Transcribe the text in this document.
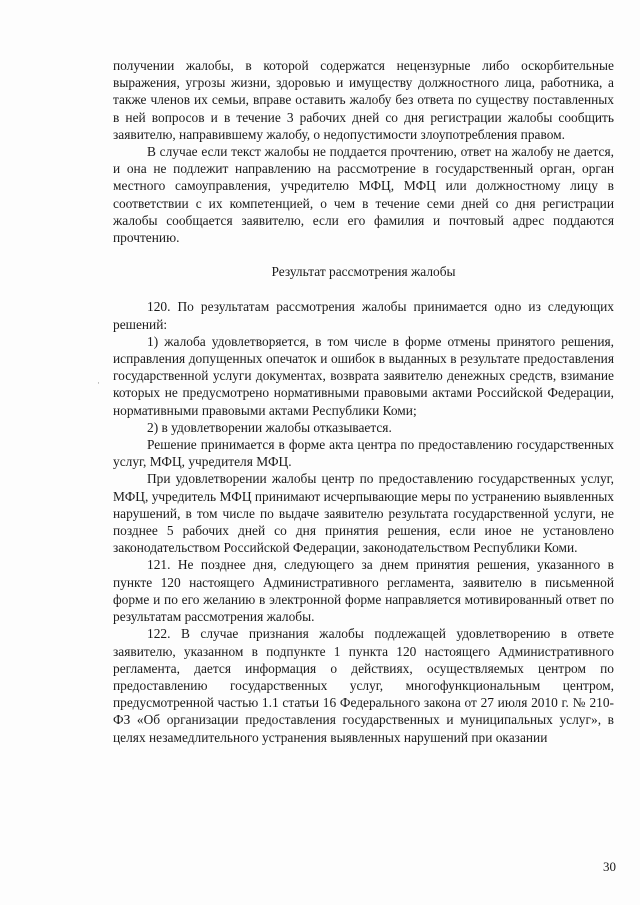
получении жалобы, в которой содержатся нецензурные либо оскорбительные выражения, угрозы жизни, здоровью и имуществу должностного лица, работника, а также членов их семьи, вправе оставить жалобу без ответа по существу поставленных в ней вопросов и в течение 3 рабочих дней со дня регистрации жалобы сообщить заявителю, направившему жалобу, о недопустимости злоупотребления правом.

В случае если текст жалобы не поддается прочтению, ответ на жалобу не дается, и она не подлежит направлению на рассмотрение в государственный орган, орган местного самоуправления, учредителю МФЦ, МФЦ или должностному лицу в соответствии с их компетенцией, о чем в течение семи дней со дня регистрации жалобы сообщается заявителю, если его фамилия и почтовый адрес поддаются прочтению.

Результат рассмотрения жалобы

120. По результатам рассмотрения жалобы принимается одно из следующих решений:

1) жалоба удовлетворяется, в том числе в форме отмены принятого решения, исправления допущенных опечаток и ошибок в выданных в результате предоставления государственной услуги документах, возврата заявителю денежных средств, взимание которых не предусмотрено нормативными правовыми актами Российской Федерации, нормативными правовыми актами Республики Коми;

2) в удовлетворении жалобы отказывается.

Решение принимается в форме акта центра по предоставлению государственных услуг, МФЦ, учредителя МФЦ.

При удовлетворении жалобы центр по предоставлению государственных услуг, МФЦ, учредитель МФЦ принимают исчерпывающие меры по устранению выявленных нарушений, в том числе по выдаче заявителю результата государственной услуги, не позднее 5 рабочих дней со дня принятия решения, если иное не установлено законодательством Российской Федерации, законодательством Республики Коми.

121. Не позднее дня, следующего за днем принятия решения, указанного в пункте 120 настоящего Административного регламента, заявителю в письменной форме и по его желанию в электронной форме направляется мотивированный ответ по результатам рассмотрения жалобы.

122. В случае признания жалобы подлежащей удовлетворению в ответе заявителю, указанном в подпункте 1 пункта 120 настоящего Административного регламента, дается информация о действиях, осуществляемых центром по предоставлению государственных услуг, многофункциональным центром, предусмотренной частью 1.1 статьи 16 Федерального закона от 27 июля 2010 г. № 210-ФЗ «Об организации предоставления государственных и муниципальных услуг», в целях незамедлительного устранения выявленных нарушений при оказании

·
30
